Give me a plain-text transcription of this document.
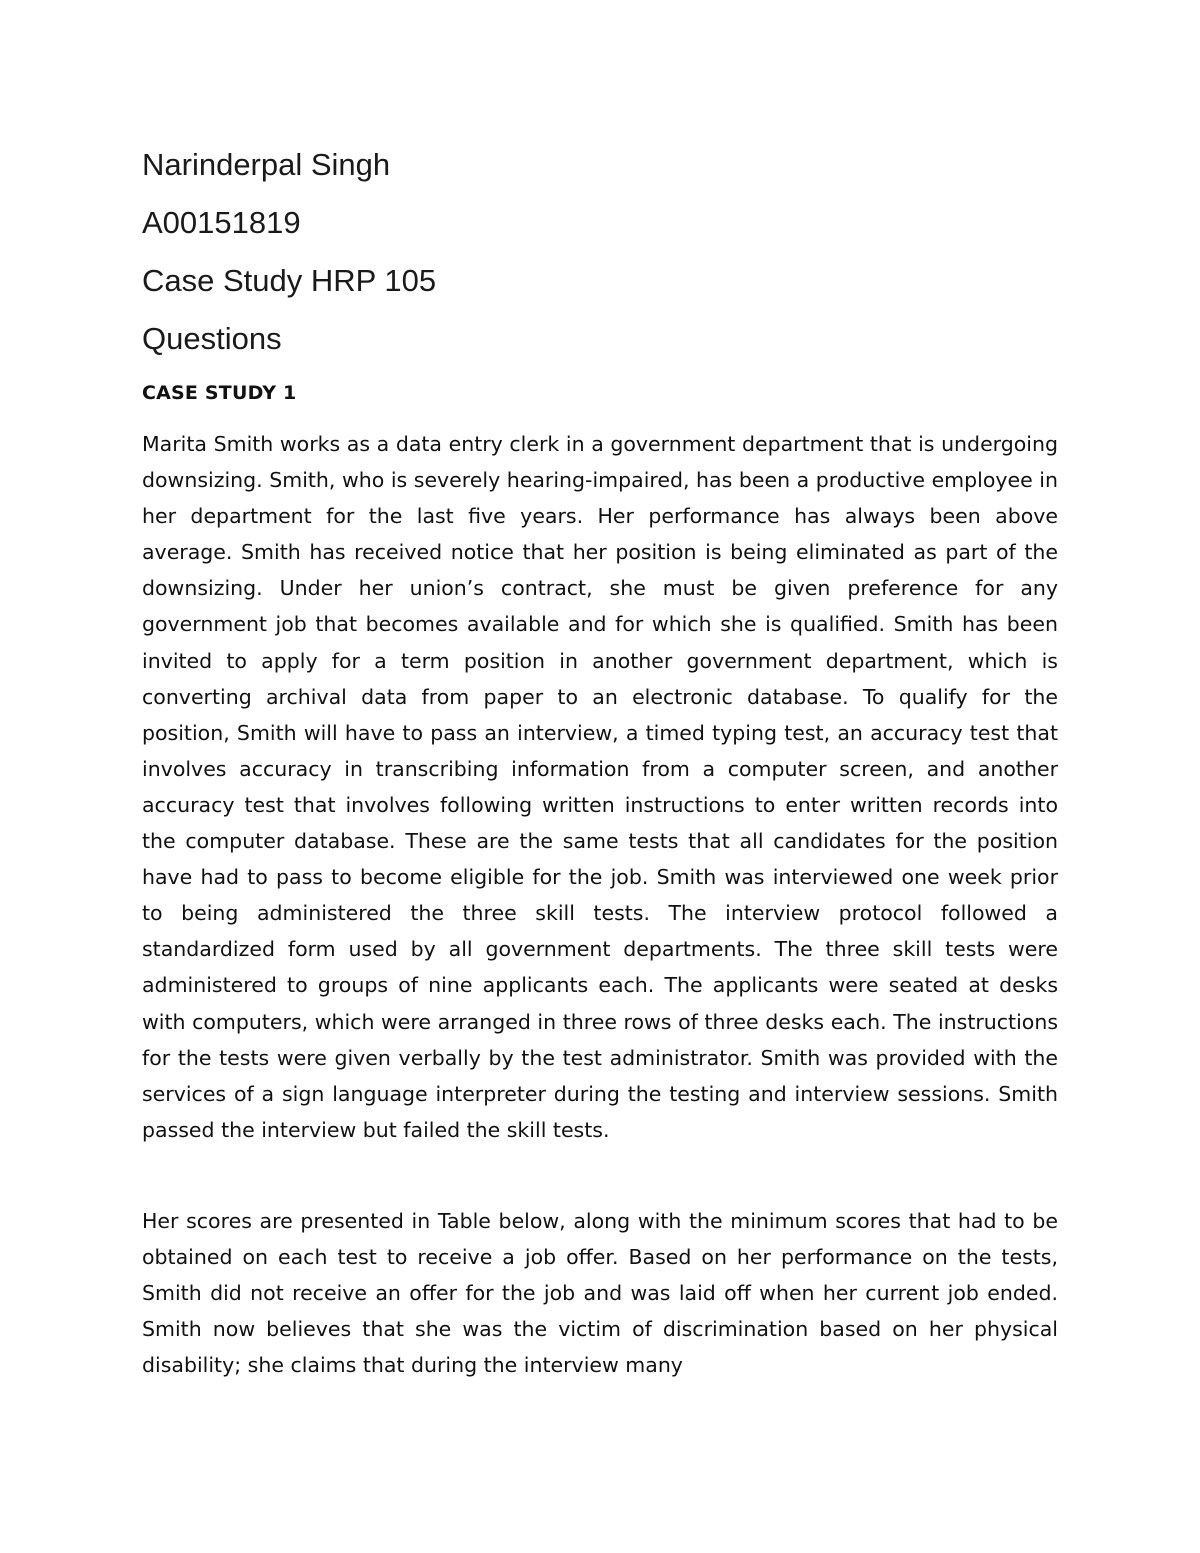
Narinderpal Singh

A00151819

Case Study HRP 105

Questions

CASE STUDY 1

Marita Smith works as a data entry clerk in a government department that is undergoing downsizing. Smith, who is severely hearing-impaired, has been a productive employee in her department for the last five years. Her performance has always been above average. Smith has received notice that her position is being eliminated as part of the downsizing. Under her union’s contract, she must be given preference for any government job that becomes available and for which she is qualified. Smith has been invited to apply for a term position in another government department, which is converting archival data from paper to an electronic database. To qualify for the position, Smith will have to pass an interview, a timed typing test, an accuracy test that involves accuracy in transcribing information from a computer screen, and another accuracy test that involves following written instructions to enter written records into the computer database. These are the same tests that all candidates for the position have had to pass to become eligible for the job. Smith was interviewed one week prior to being administered the three skill tests. The interview protocol followed a standardized form used by all government departments. The three skill tests were administered to groups of nine applicants each. The applicants were seated at desks with computers, which were arranged in three rows of three desks each. The instructions for the tests were given verbally by the test administrator. Smith was provided with the services of a sign language interpreter during the testing and interview sessions. Smith passed the interview but failed the skill tests.

Her scores are presented in Table below, along with the minimum scores that had to be obtained on each test to receive a job offer. Based on her performance on the tests, Smith did not receive an offer for the job and was laid off when her current job ended. Smith now believes that she was the victim of discrimination based on her physical disability; she claims that during the interview many
